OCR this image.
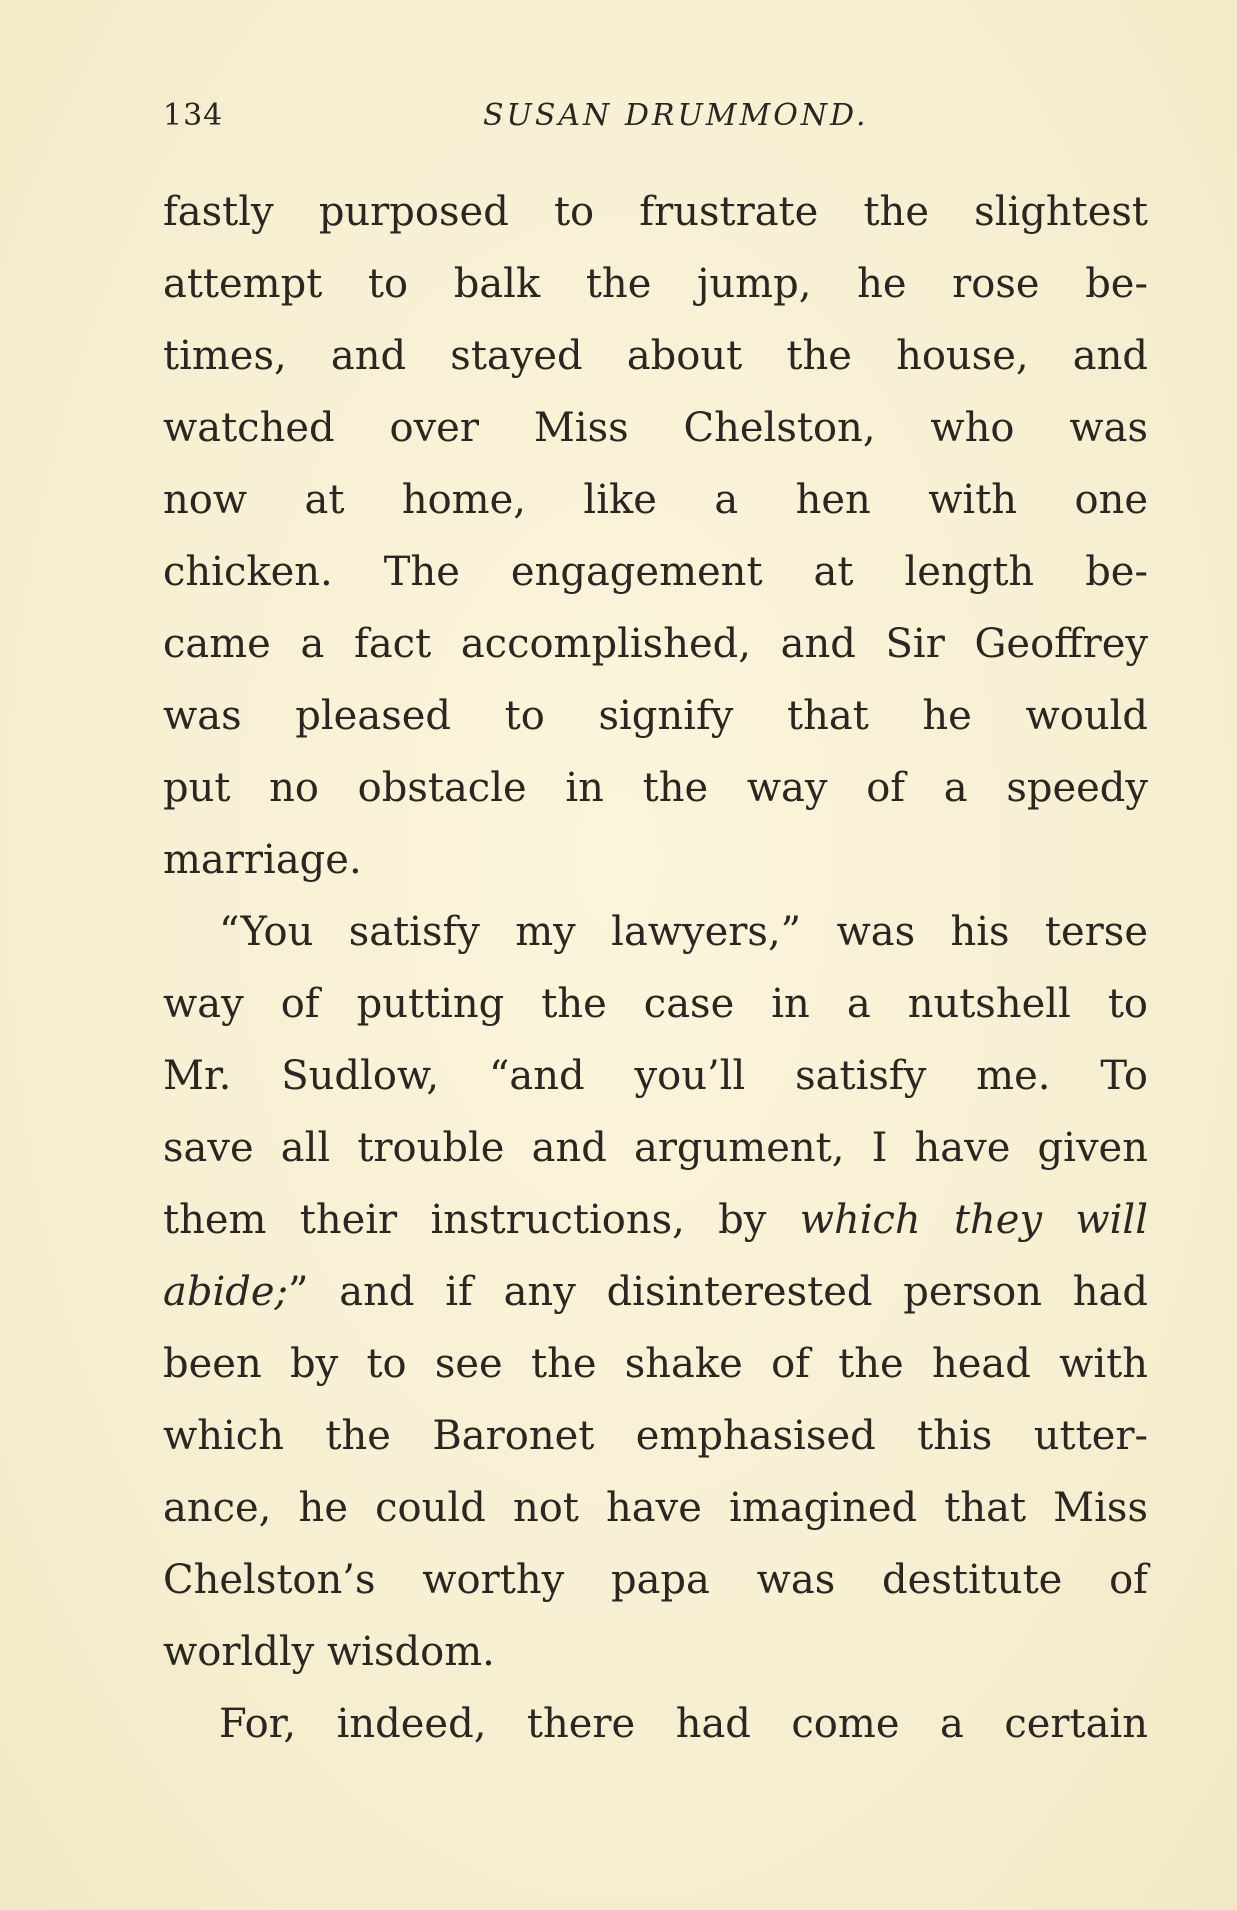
134	SUSAN DRUMMOND.
fastly purposed to frustrate the slightest
attempt to balk the jump, he rose be-
times, and stayed about the house, and
watched over Miss Chelston, who was
now at home, like a hen with one
chicken. The engagement at length be-
came a fact accomplished, and Sir Geoffrey
was pleased to signify that he would
put no obstacle in the way of a speedy
marriage.
“You satisfy my lawyers,” was his terse
way of putting the case in a nutshell to
Mr. Sudlow, “and you’ll satisfy me. To
save all trouble and argument, I have given
them their instructions, by which they will
abide;” and if any disinterested person had
been by to see the shake of the head with
which the Baronet emphasised this utter-
ance, he could not have imagined that Miss
Chelston’s worthy papa was destitute of
worldly wisdom.
For, indeed, there had come a certain
